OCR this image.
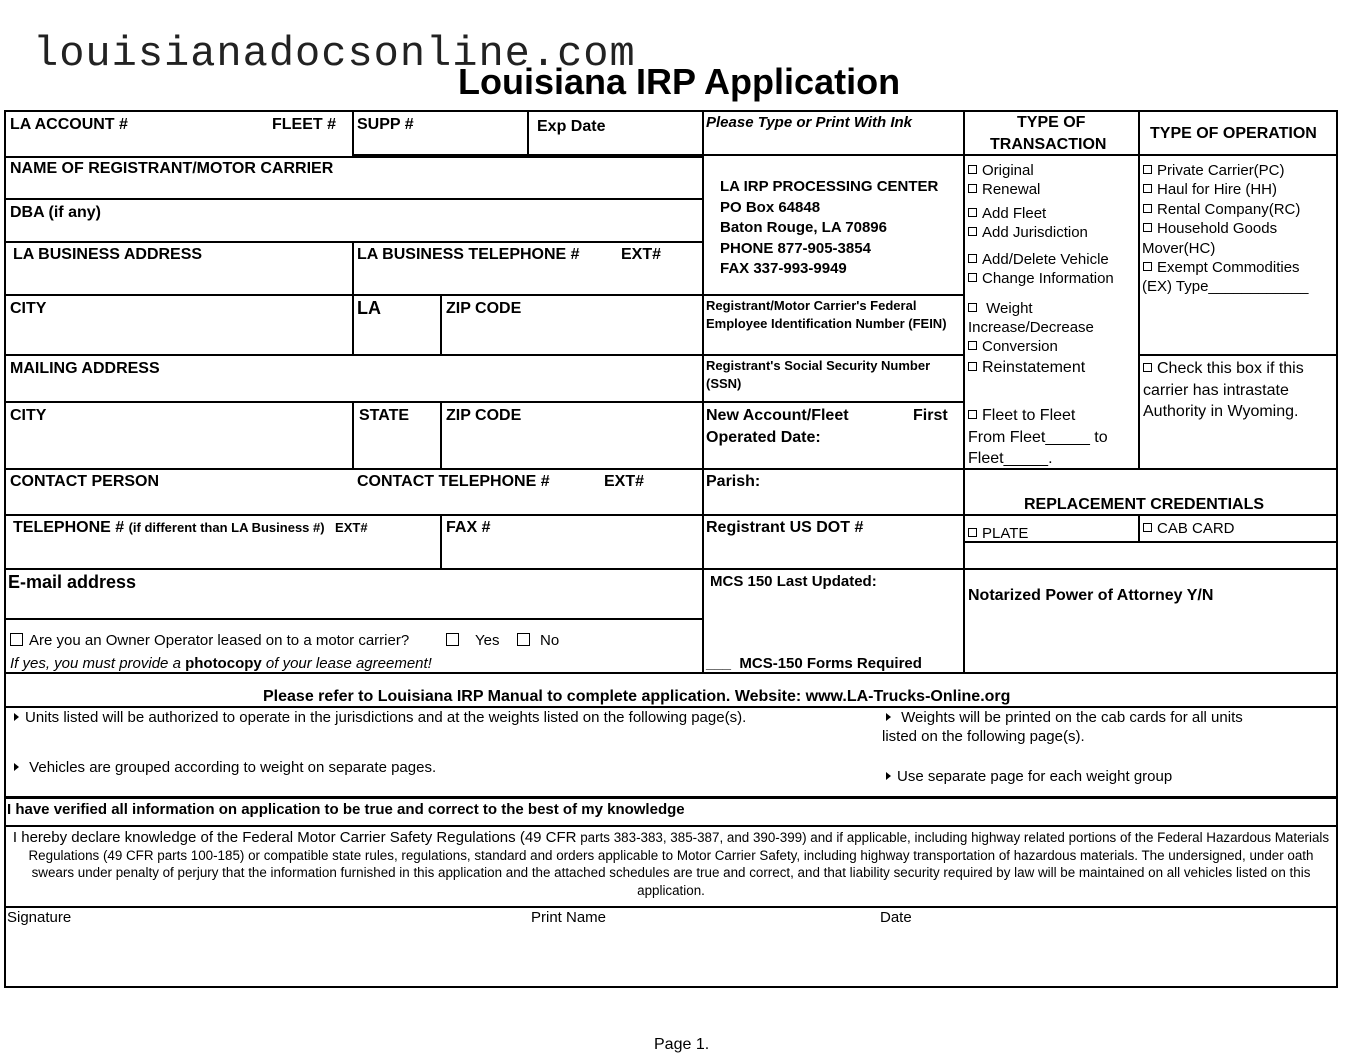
louisianadocsonline.com
Louisiana IRP Application
LA ACCOUNT #	FLEET # SUPP #	Exp Date	Please Type or Print With Ink	TYPE OF
TRANSACTION
TYPE OF OPERATION
NAME OF REGISTRANT/MOTOR CARRIER
DBA (if any)
LA BUSINESS ADDRESS	LA BUSINESS TELEPHONE #	EXT#
CITY	LA	ZIP CODE
MAILING ADDRESS
CITY	STATE ZIP CODE
CONTACT PERSON	CONTACT TELEPHONE #	EXT#
TELEPHONE # (if different than LA Business #) EXT#	FAX #
E-mail address
Are you an Owner Operator leased on to a motor carrier?	Yes	No
If yes, you must provide a photocopy of your lease agreement!
LA IRP PROCESSING CENTER
PO Box 64848
Baton Rouge, LA 70896
PHONE 877-905-3854
FAX 337-993-9949
Registrant/Motor Carrier's Federal
Employee Identification Number (FEIN)
Registrant's Social Security Number
(SSN)
New Account/Fleet	First
Operated Date:
Parish:
Registrant US DOT #
MCS 150 Last Updated:
___ MCS-150 Forms Required
Original
Renewal
Add Fleet
Add Jurisdiction
Add/Delete Vehicle
Change Information
Weight
Increase/Decrease
Conversion
Reinstatement
Fleet to Fleet
From Fleet_____ to
Fleet_____.
Private Carrier(PC)
Haul for Hire (HH)
Rental Company(RC)
Household Goods
Mover(HC)
Exempt Commodities
(EX) Type____________
Check this box if this
carrier has intrastate
Authority in Wyoming.
REPLACEMENT CREDENTIALS
PLATE	CAB CARD
Notarized Power of Attorney Y/N
Please refer to Louisiana IRP Manual to complete application. Website: www.LA-Trucks-Online.org
Units listed will be authorized to operate in the jurisdictions and at the weights listed on the following page(s).
Vehicles are grouped according to weight on separate pages.
Weights will be printed on the cab cards for all units
listed on the following page(s).
Use separate page for each weight group
I have verified all information on application to be true and correct to the best of my knowledge
I hereby declare knowledge of the Federal Motor Carrier Safety Regulations (49 CFR parts 383-383, 385-387, and 390-399) and if applicable, including highway related portions of the Federal Hazardous Materials Regulations (49 CFR parts 100-185) or compatible state rules, regulations, standard and orders applicable to Motor Carrier Safety, including highway transportation of hazardous materials. The undersigned, under oath swears under penalty of perjury that the information furnished in this application and the attached schedules are true and correct, and that liability security required by law will be maintained on all vehicles listed on this application.
Signature	Print Name	Date
Page 1.
